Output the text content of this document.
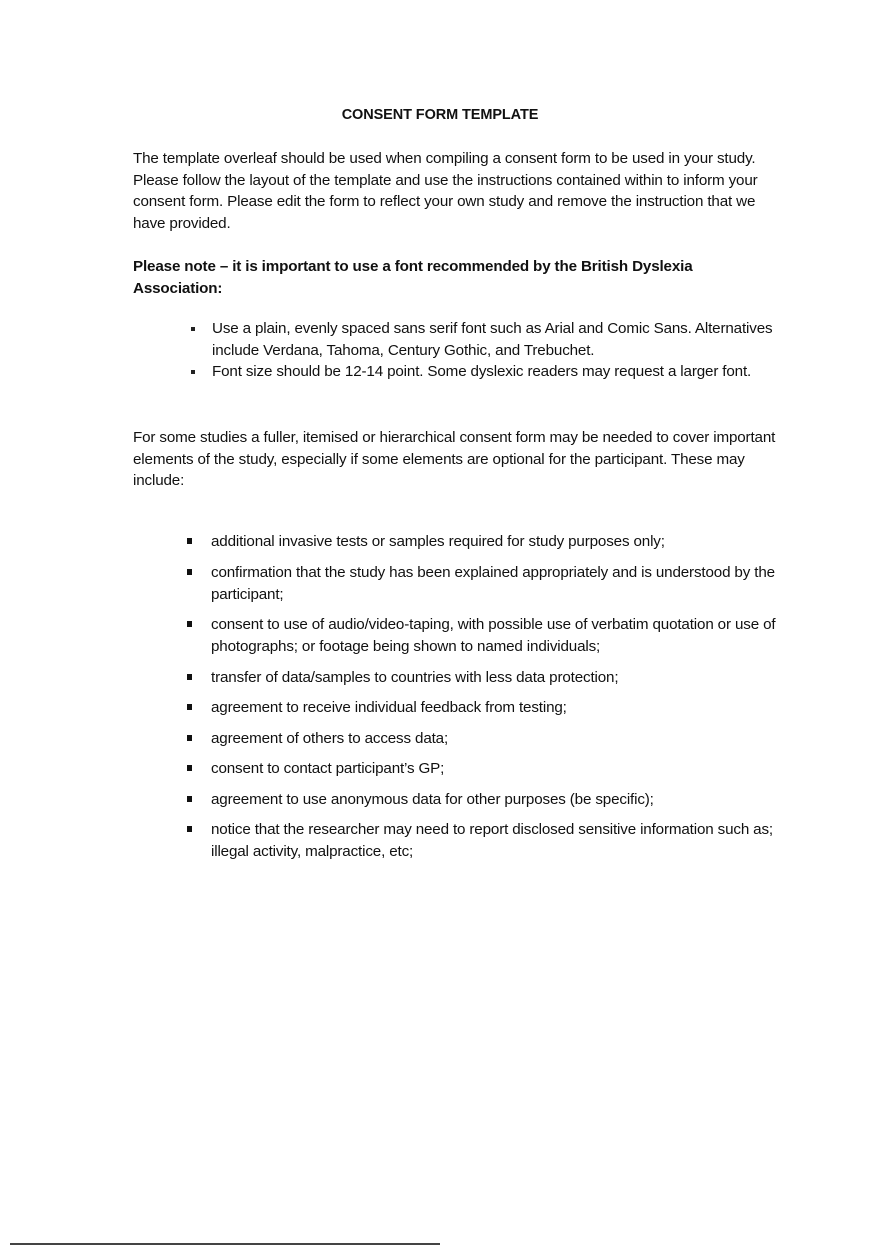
CONSENT FORM TEMPLATE

The template overleaf should be used when compiling a consent form to be used in your study. Please follow the layout of the template and use the instructions contained within to inform your consent form. Please edit the form to reflect your own study and remove the instruction that we have provided.

Please note – it is important to use a font recommended by the British Dyslexia Association:

Use a plain, evenly spaced sans serif font such as Arial and Comic Sans. Alternatives include Verdana, Tahoma, Century Gothic, and Trebuchet.
Font size should be 12-14 point. Some dyslexic readers may request a larger font.

For some studies a fuller, itemised or hierarchical consent form may be needed to cover important elements of the study, especially if some elements are optional for the participant. These may include:

additional invasive tests or samples required for study purposes only;
confirmation that the study has been explained appropriately and is understood by the participant;
consent to use of audio/video-taping, with possible use of verbatim quotation or use of photographs; or footage being shown to named individuals;
transfer of data/samples to countries with less data protection;
agreement to receive individual feedback from testing;
agreement of others to access data;
consent to contact participant’s GP;
agreement to use anonymous data for other purposes (be specific);
notice that the researcher may need to report disclosed sensitive information such as; illegal activity, malpractice, etc;
